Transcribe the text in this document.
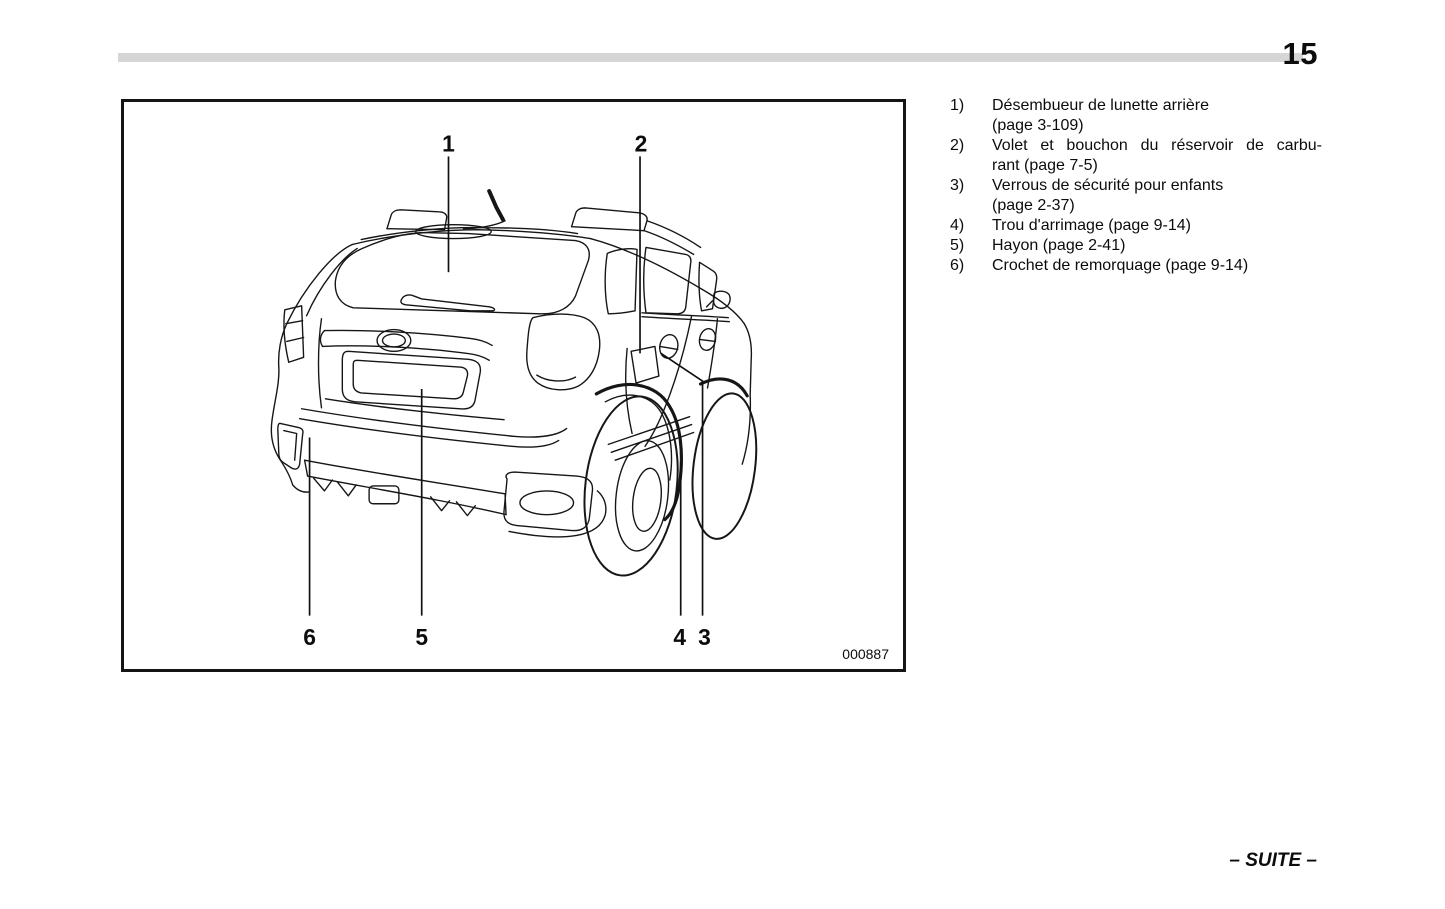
15
1	2
3
4
5
6
000887
1)	Désembueur de lunette arrière
(page 3-109)
2)	Volet et bouchon du réservoir de carbu-
rant (page 7-5)
3)	Verrous de sécurité pour enfants
(page 2-37)
4)	Trou d'arrimage (page 9-14)
5)	Hayon (page 2-41)
6)	Crochet de remorquage (page 9-14)
– SUITE –
